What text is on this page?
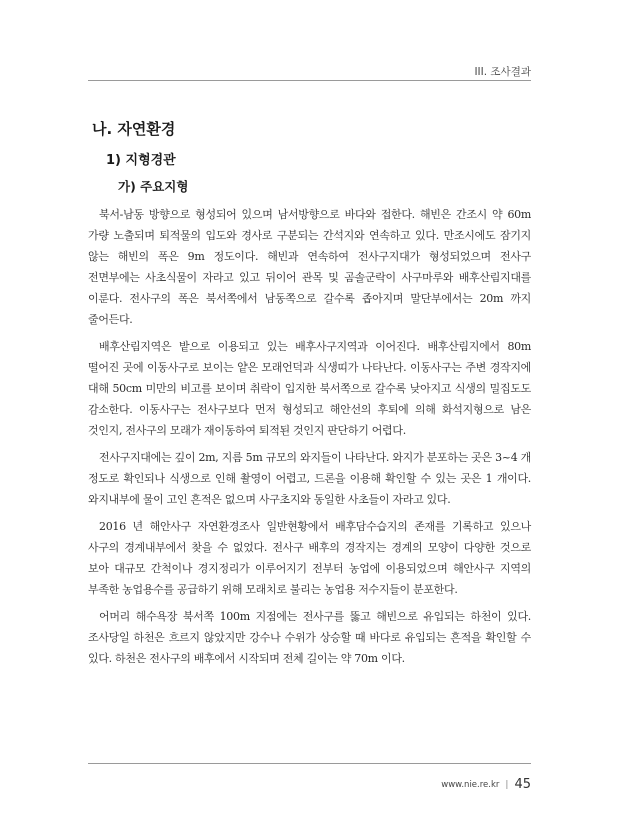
III. 조사결과
나. 자연환경
1) 지형경관
가) 주요지형

북서-남동 방향으로 형성되어 있으며 남서방향으로 바다와 접한다. 해빈은 간조시 약 60m 가량 노출되며 퇴적물의 입도와 경사로 구분되는 간석지와 연속하고 있다. 만조시에도 잠기지 않는 해빈의 폭은 9m 정도이다. 해빈과 연속하여 전사구지대가 형성되었으며 전사구 전면부에는 사초식물이 자라고 있고 뒤이어 관목 및 곰솔군락이 사구마루와 배후산림지대를 이룬다. 전사구의 폭은 북서쪽에서 남동쪽으로 갈수록 좁아지며 말단부에서는 20m 까지 줄어든다.

배후산림지역은 밭으로 이용되고 있는 배후사구지역과 이어진다. 배후산림지에서 80m 떨어진 곳에 이동사구로 보이는 얕은 모래언덕과 식생띠가 나타난다. 이동사구는 주변 경작지에 대해 50cm 미만의 비고를 보이며 취락이 입지한 북서쪽으로 갈수록 낮아지고 식생의 밀집도도 감소한다. 이동사구는 전사구보다 먼저 형성되고 해안선의 후퇴에 의해 화석지형으로 남은 것인지, 전사구의 모래가 재이동하여 퇴적된 것인지 판단하기 어렵다.

전사구지대에는 깊이 2m, 지름 5m 규모의 와지들이 나타난다. 와지가 분포하는 곳은 3~4 개 정도로 확인되나 식생으로 인해 촬영이 어렵고, 드론을 이용해 확인할 수 있는 곳은 1 개이다. 와지내부에 물이 고인 흔적은 없으며 사구초지와 동일한 사초들이 자라고 있다.

2016 년 해안사구 자연환경조사 일반현황에서 배후담수습지의 존재를 기록하고 있으나 사구의 경계내부에서 찾을 수 없었다. 전사구 배후의 경작지는 경계의 모양이 다양한 것으로 보아 대규모 간척이나 경지정리가 이루어지기 전부터 농업에 이용되었으며 해안사구 지역의 부족한 농업용수를 공급하기 위해 모래치로 불리는 농업용 저수지들이 분포한다.

어머리 해수욕장 북서쪽 100m 지점에는 전사구를 뚫고 해빈으로 유입되는 하천이 있다. 조사당일 하천은 흐르지 않았지만 강수나 수위가 상승할 때 바다로 유입되는 흔적을 확인할 수 있다. 하천은 전사구의 배후에서 시작되며 전체 길이는 약 70m 이다.

www.nie.re.kr | 45
